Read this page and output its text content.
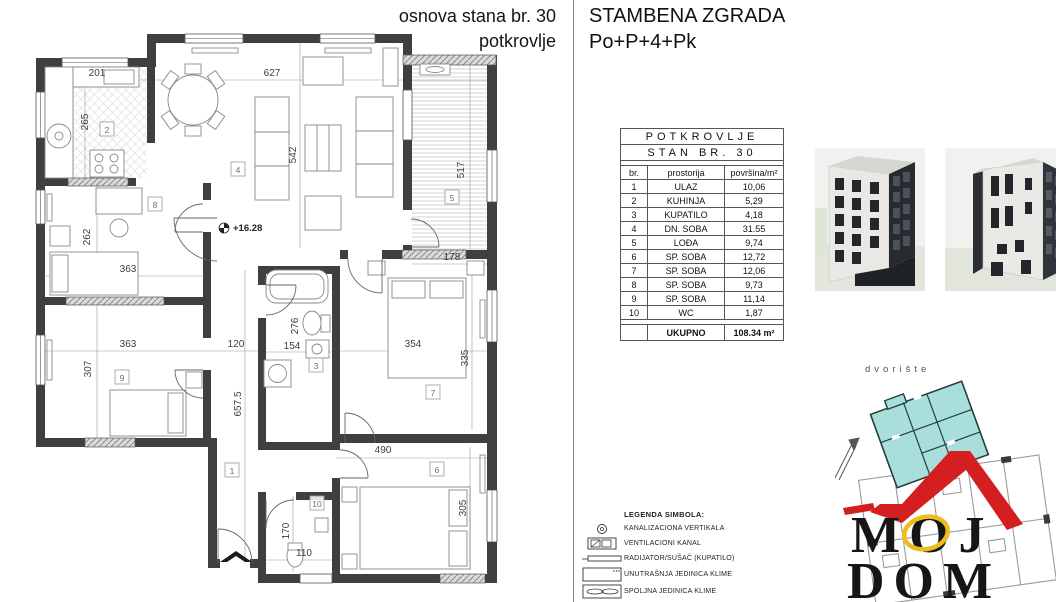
osnova stana br. 30
potkrovlje
+16.28
201
265
627
542
517
178
262
363
276
154	354
335
657.5
363	120
307
490
305
170
110
1
2
3
4
5
6
7
8
9
10
STAMBENA ZGRADA
Po+P+4+Pk
POTKROVLJE		
STAN BR. 30		

br.	prostorija	površina/m²
1	ULAZ	10,06
2	KUHINJA	5,29
3	KUPATILO	4,18
4	DN. SOBA	31.55
5	LOĐA	9,74
6	SP. SOBA	12,72
7	SP. SOBA	12,06
8	SP. SOBA	9,73
9	SP. SOBA	11,14
10	WC	1,87

	UKUPNO	108.34 m²
dvorište
MOJ
DOM
LEGENDA SIMBOLA:
KANALIZACIONA VERTIKALA
VENTILACIONI KANAL
RADIJATOR/SUŠAČ (KUPATILO)
UNUTRAŠNJA JEDINICA KLIME
SPOLJNA JEDINICA KLIME
